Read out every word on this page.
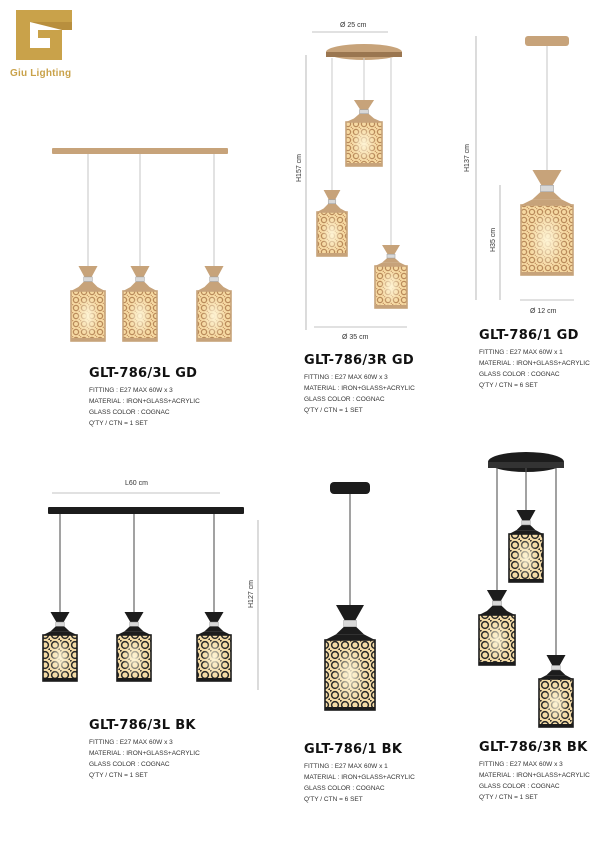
Giu Lighting
Ø 25 cm
Ø 35 cm
H157 cm	H137 cm
H35 cm
Ø 12 cm
L60 cm
H127 cm
GLT-786/3L GD
FITTING : E27 MAX 60W x 3
MATERIAL : IRON+GLASS+ACRYLIC
GLASS COLOR : COGNAC
Q'TY / CTN = 1 SET
GLT-786/3R GD
FITTING : E27 MAX 60W x 3
MATERIAL : IRON+GLASS+ACRYLIC
GLASS COLOR : COGNAC
Q'TY / CTN = 1 SET
GLT-786/1 GD
FITTING : E27 MAX 60W x 1
MATERIAL : IRON+GLASS+ACRYLIC
GLASS COLOR : COGNAC
Q'TY / CTN = 6 SET
GLT-786/3L BK
FITTING : E27 MAX 60W x 3
MATERIAL : IRON+GLASS+ACRYLIC
GLASS COLOR : COGNAC
Q'TY / CTN = 1 SET
GLT-786/1 BK
FITTING : E27 MAX 60W x 1
MATERIAL : IRON+GLASS+ACRYLIC
GLASS COLOR : COGNAC
Q'TY / CTN = 6 SET
GLT-786/3R BK
FITTING : E27 MAX 60W x 3
MATERIAL : IRON+GLASS+ACRYLIC
GLASS COLOR : COGNAC
Q'TY / CTN = 1 SET
